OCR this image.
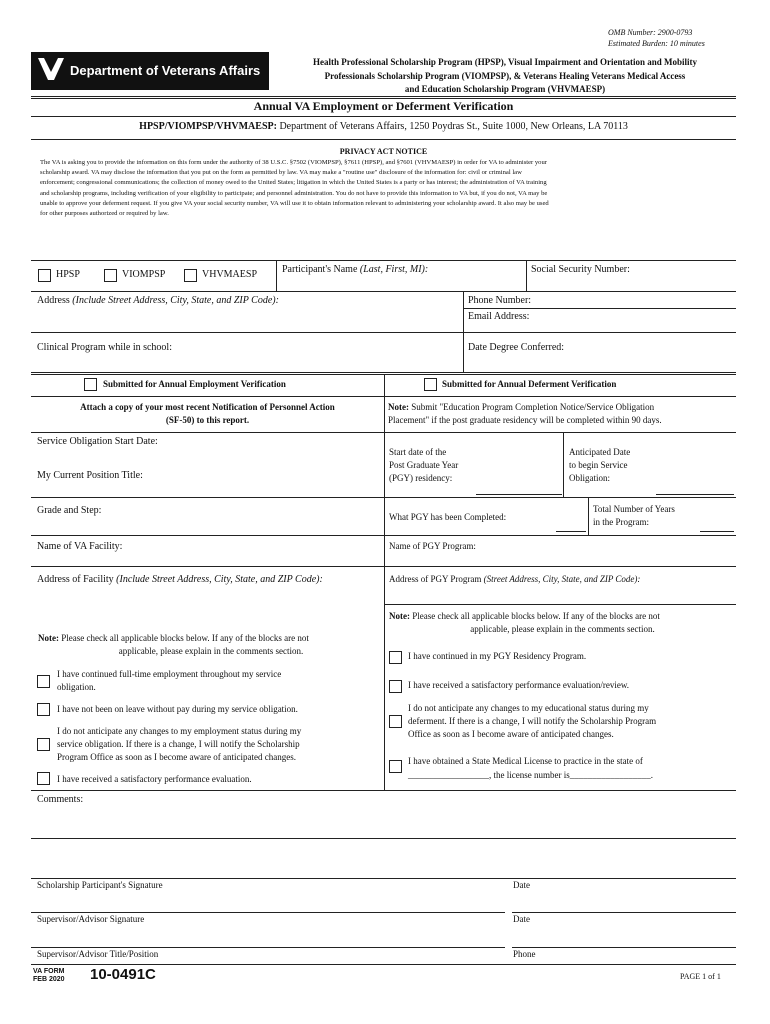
OMB Number: 2900-0793
Estimated Burden: 10 minutes
Department of Veterans Affairs
Health Professional Scholarship Program (HPSP), Visual Impairment and Orientation and Mobility
Professionals Scholarship Program (VIOMPSP), & Veterans Healing Veterans Medical Access
and Education Scholarship Program (VHVMAESP)
Annual VA Employment or Deferment Verification
HPSP/VIOMPSP/VHVMAESP: Department of Veterans Affairs, 1250 Poydras St., Suite 1000, New Orleans, LA 70113
PRIVACY ACT NOTICE
The VA is asking you to provide the information on this form under the authority of 38 U.S.C. §7502 (VIOMPSP), §7611 (HPSP), and §7601 (VHVMAESP) in order for VA to administer your
scholarship award. VA may disclose the information that you put on the form as permitted by law. VA may make a "routine use" disclosure of the information for: civil or criminal law
enforcement; congressional communications; the collection of money owed to the United States; litigation in which the United States is a party or has interest; the administration of VA training
and scholarship programs, including verification of your eligibility to participate; and personnel administration. You do not have to provide this information to VA but, if you do not, VA may be
unable to approve your deferment request. If you give VA your social security number, VA will use it to obtain information relevant to administering your scholarship award. It also may be used
for other purposes authorized or required by law.
HPSP	VIOMPSP	VHVMAESP Participant's Name (Last, First, MI):	Social Security Number:
Address (Include Street Address, City, State, and ZIP Code):	Phone Number:
Email Address:
Clinical Program while in school:	Date Degree Conferred:
Submitted for Annual Employment Verification	Submitted for Annual Deferment Verification
Attach a copy of your most recent Notification of Personnel Action
(SF-50) to this report.
Service Obligation Start Date:
My Current Position Title:
Grade and Step:
Name of VA Facility:
Address of Facility (Include Street Address, City, State, and ZIP Code):
Note: Please check all applicable blocks below. If any of the blocks are not
applicable, please explain in the comments section.
I have continued full-time employment throughout my service
obligation.
I have not been on leave without pay during my service obligation.
I do not anticipate any changes to my employment status during my
service obligation. If there is a change, I will notify the Scholarship
Program Office as soon as I become aware of anticipated changes.
I have received a satisfactory performance evaluation.
Note: Submit "Education Program Completion Notice/Service Obligation
Placement" if the post graduate residency will be completed within 90 days.
Start date of the
Post Graduate Year
(PGY) residency:
Anticipated Date
to begin Service
Obligation:
What PGY has been Completed:
Total Number of Years
in the Program:
Name of PGY Program:
Address of PGY Program (Street Address, City, State, and ZIP Code):
Note: Please check all applicable blocks below. If any of the blocks are not
applicable, please explain in the comments section.
I have continued in my PGY Residency Program.
I have received a satisfactory performance evaluation/review.
I do not anticipate any changes to my educational status during my
deferment. If there is a change, I will notify the Scholarship Program
Office as soon as I become aware of anticipated changes.
I have obtained a State Medical License to practice in the state of
__________________, the license number is__________________.
Comments:
Scholarship Participant's Signature	Date
Supervisor/Advisor Signature	Date
Supervisor/Advisor Title/Position	Phone
VA FORM
FEB 2020 10-0491C	PAGE 1 of 1
